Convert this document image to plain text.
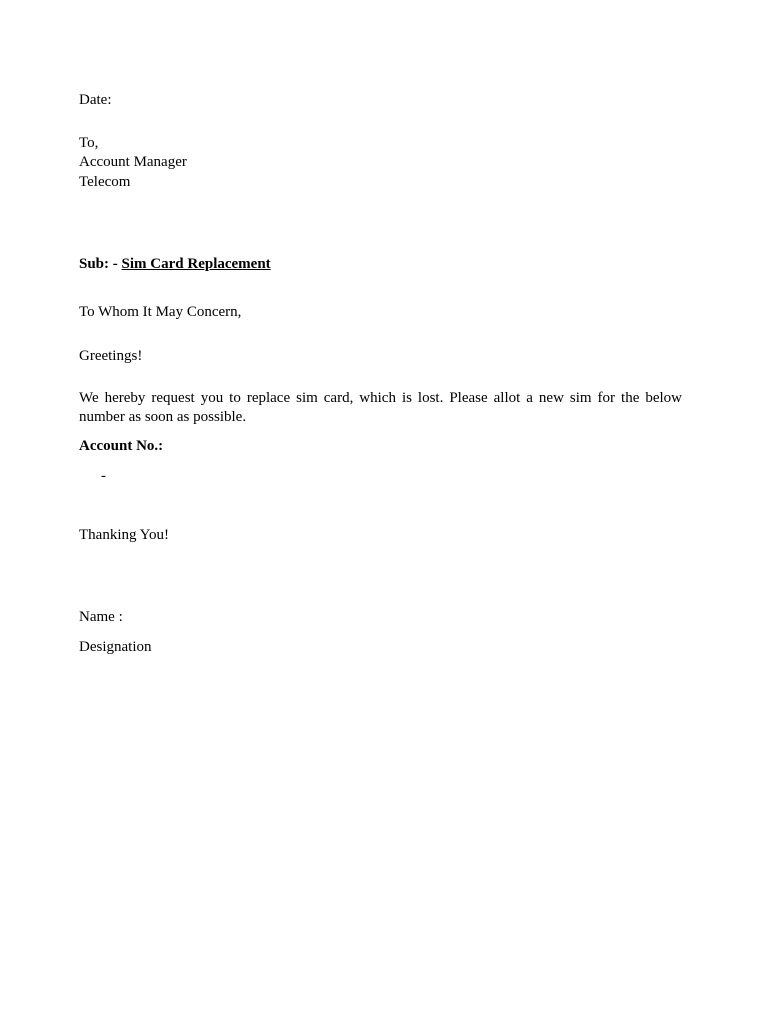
Date:
To,
Account Manager
Telecom
Sub: - Sim Card Replacement
To Whom It May Concern,
Greetings!
We hereby request you to replace sim card, which is lost. Please allot a new sim for the below number as soon as possible.
Account No.:
-
Thanking You!
Name :
Designation
